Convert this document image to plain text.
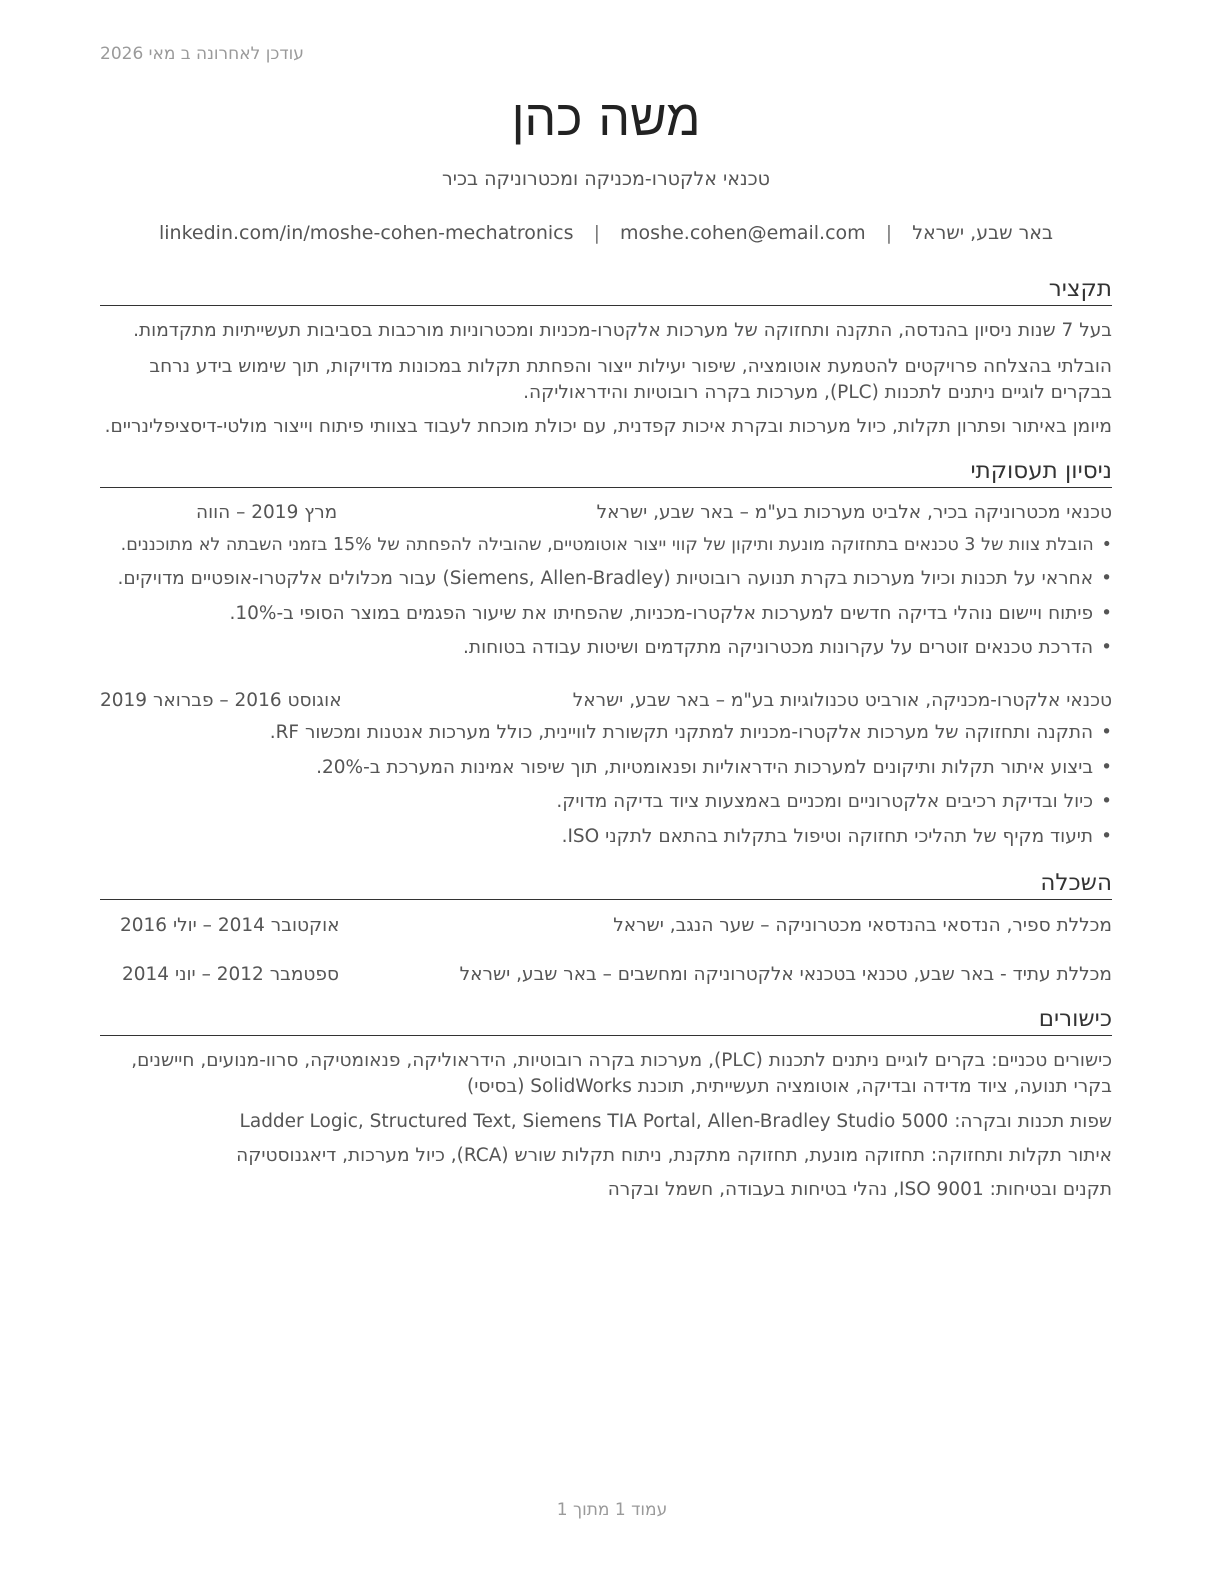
עודכן לאחרונה ב מאי 2026
משה כהן
טכנאי אלקטרו-מכניקה ומכטרוניקה בכיר
באר שבע, ישראל | moshe.cohen@email.com | linkedin.com/in/moshe-cohen-mechatronics
תקציר
בעל 7 שנות ניסיון בהנדסה, התקנה ותחזוקה של מערכות אלקטרו-מכניות ומכטרוניות מורכבות בסביבות תעשייתיות מתקדמות.
הובלתי בהצלחה פרויקטים להטמעת אוטומציה, שיפור יעילות ייצור והפחתת תקלות במכונות מדויקות, תוך שימוש בידע נרחב בבקרים לוגיים ניתנים לתכנות (PLC), מערכות בקרה רובוטיות והידראוליקה.
מיומן באיתור ופתרון תקלות, כיול מערכות ובקרת איכות קפדנית, עם יכולת מוכחת לעבוד בצוותי פיתוח וייצור מולטי-דיסציפלינריים.
ניסיון תעסוקתי
טכנאי מכטרוניקה בכיר, אלביט מערכות בע"מ – באר שבע, ישראל
מרץ 2019 – הווה
•הובלת צוות של 3 טכנאים בתחזוקה מונעת ותיקון של קווי ייצור אוטומטיים, שהובילה להפחתה של 15% בזמני השבתה לא מתוכננים.
•אחראי על תכנות וכיול מערכות בקרת תנועה רובוטיות (Siemens, Allen-Bradley) עבור מכלולים אלקטרו-אופטיים מדויקים.
•פיתוח ויישום נוהלי בדיקה חדשים למערכות אלקטרו-מכניות, שהפחיתו את שיעור הפגמים במוצר הסופי ב-10%.
•הדרכת טכנאים זוטרים על עקרונות מכטרוניקה מתקדמים ושיטות עבודה בטוחות.
טכנאי אלקטרו-מכניקה, אורביט טכנולוגיות בע"מ – באר שבע, ישראל
אוגוסט 2016 – פברואר 2019
•התקנה ותחזוקה של מערכות אלקטרו-מכניות למתקני תקשורת לוויינית, כולל מערכות אנטנות ומכשור RF.
•ביצוע איתור תקלות ותיקונים למערכות הידראוליות ופנאומטיות, תוך שיפור אמינות המערכת ב-20%.
•כיול ובדיקת רכיבים אלקטרוניים ומכניים באמצעות ציוד בדיקה מדויק.
•תיעוד מקיף של תהליכי תחזוקה וטיפול בתקלות בהתאם לתקני ISO.
השכלה
מכללת ספיר, הנדסאי בהנדסאי מכטרוניקה – שער הנגב, ישראל
אוקטובר 2014 – יולי 2016
מכללת עתיד - באר שבע, טכנאי בטכנאי אלקטרוניקה ומחשבים – באר שבע, ישראל
ספטמבר 2012 – יוני 2014
כישורים
כישורים טכניים: בקרים לוגיים ניתנים לתכנות (PLC), מערכות בקרה רובוטיות, הידראוליקה, פנאומטיקה, סרוו-מנועים, חיישנים, בקרי תנועה, ציוד מדידה ובדיקה, אוטומציה תעשייתית, תוכנת SolidWorks (בסיסי)
שפות תכנות ובקרה: Ladder Logic, Structured Text, Siemens TIA Portal, Allen-Bradley Studio 5000
איתור תקלות ותחזוקה: תחזוקה מונעת, תחזוקה מתקנת, ניתוח תקלות שורש (RCA), כיול מערכות, דיאגנוסטיקה
תקנים ובטיחות: ISO 9001, נהלי בטיחות בעבודה, חשמל ובקרה
עמוד 1 מתוך 1
